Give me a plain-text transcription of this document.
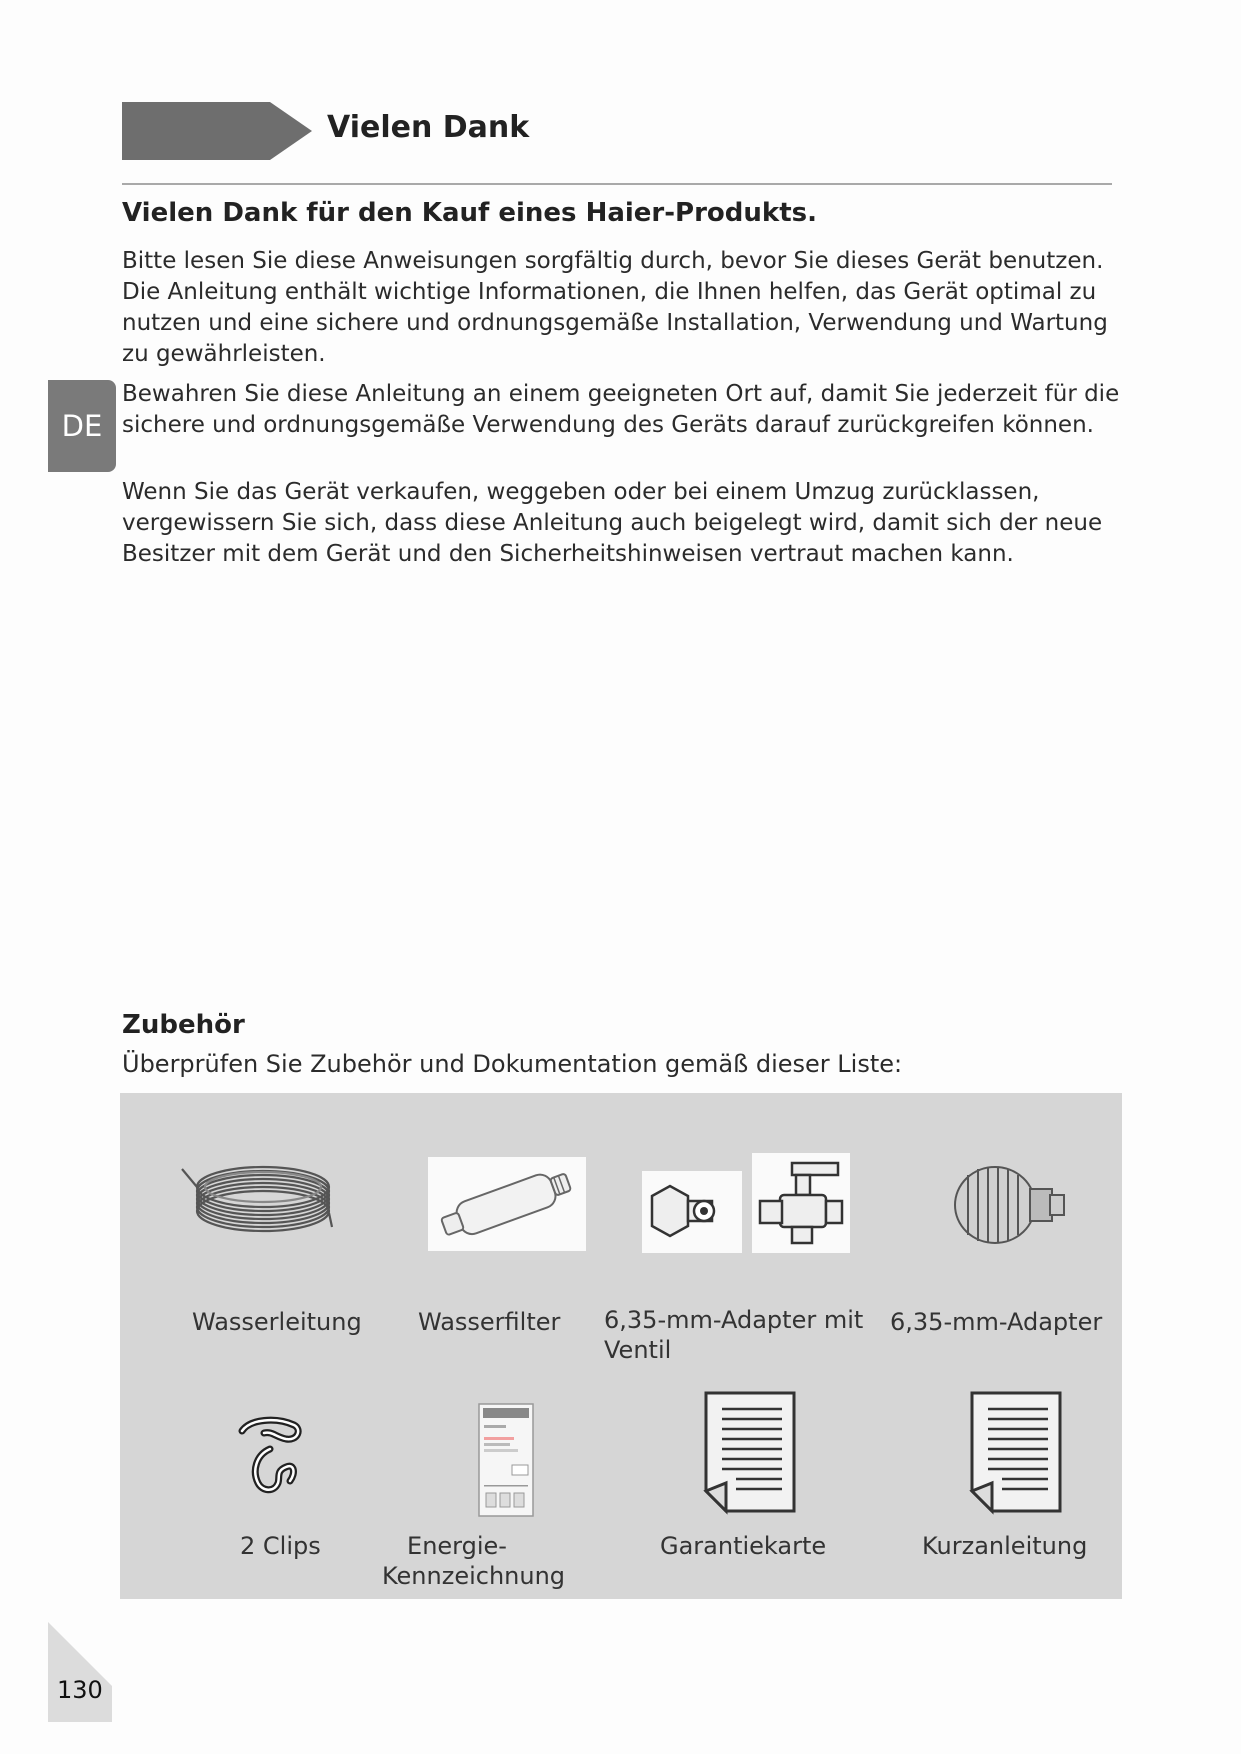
Vielen Dank
DE
Vielen Dank für den Kauf eines Haier-Produkts.

Bitte lesen Sie diese Anweisungen sorgfältig durch, bevor Sie dieses Gerät benutzen. Die Anleitung enthält wichtige Informationen, die Ihnen helfen, das Gerät optimal zu nutzen und eine sichere und ordnungsgemäße Installation, Verwendung und Wartung zu gewährleisten.

Bewahren Sie diese Anleitung an einem geeigneten Ort auf, damit Sie jederzeit für die sichere und ordnungsgemäße Verwendung des Geräts darauf zurückgreifen können.

Wenn Sie das Gerät verkaufen, weggeben oder bei einem Umzug zurücklassen, vergewissern Sie sich, dass diese Anleitung auch beigelegt wird, damit sich der neue Besitzer mit dem Gerät und den Sicherheitshinweisen vertraut machen kann.

Zubehör
Überprüfen Sie Zubehör und Dokumentation gemäß dieser Liste:
Wasserleitung Wasserfilter 6,35-mm-Adapter mit Ventil
6,35-mm-Adapter
2 Clips	Energie-Kennzeichnung
Garantiekarte	Kurzanleitung
130
